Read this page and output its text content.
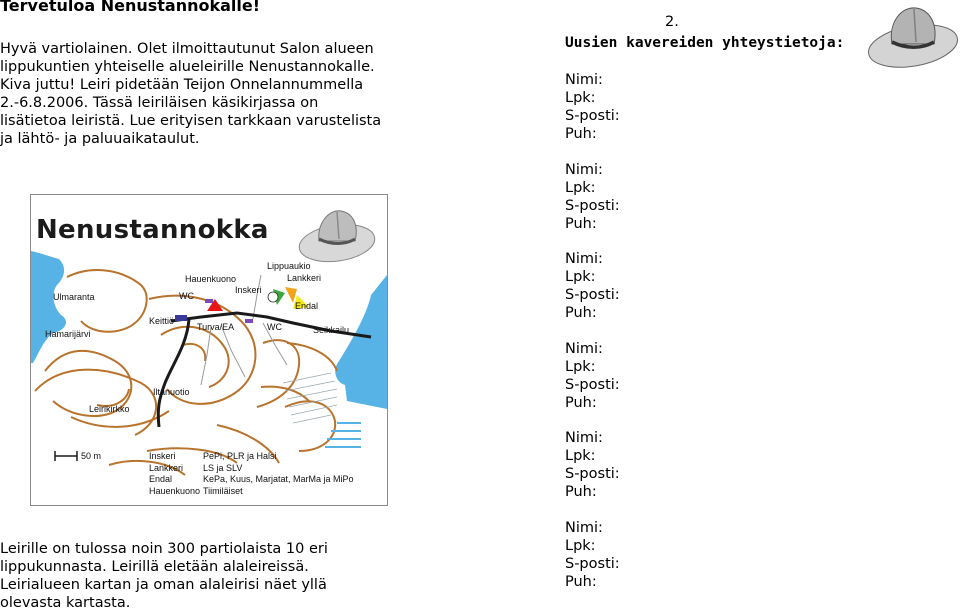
Tervetuloa Nenustannokalle!

Hyvä vartiolainen. Olet ilmoittautunut Salon alueen

lippukuntien yhteiselle alueleirille Nenustannokalle.

Kiva juttu! Leiri pidetään Teijon Onnelannummella

2.-6.8.2006. Tässä leiriläisen käsikirjassa on

lisätietoa leiristä. Lue erityisen tarkkaan varustelista

ja lähtö- ja paluuaikataulut.

Nenustannokka
Lippuaukio
Hauenkuono	Lankkeri
Inskeri
WC
Endal
Ulmaranta
Keittiö
Turva/EA	WC	Seikkailu
Hamarijärvi
Iltanuotio
Leirikirkko
50 m	Inskeri
Lankkeri
Endal
Hauenkuono
PePi, PLR ja Halsi
LS ja SLV
KePa, Kuus, Marjatat, MarMa ja MiPo
Tiimiläiset
Leirille on tulossa noin 300 partiolaista 10 eri
lippukunnasta. Leirillä eletään alaleireissä.
Leirialueen kartan ja oman alaleirisi näet yllä
olevasta kartasta.
2.
Uusien kavereiden yhteystietoja:
Nimi:
Lpk:
S-posti:
Puh:
Nimi:
Lpk:
S-posti:
Puh:
Nimi:
Lpk:
S-posti:
Puh:
Nimi:
Lpk:
S-posti:
Puh:
Nimi:
Lpk:
S-posti:
Puh:
Nimi:
Lpk:
S-posti:
Puh:
